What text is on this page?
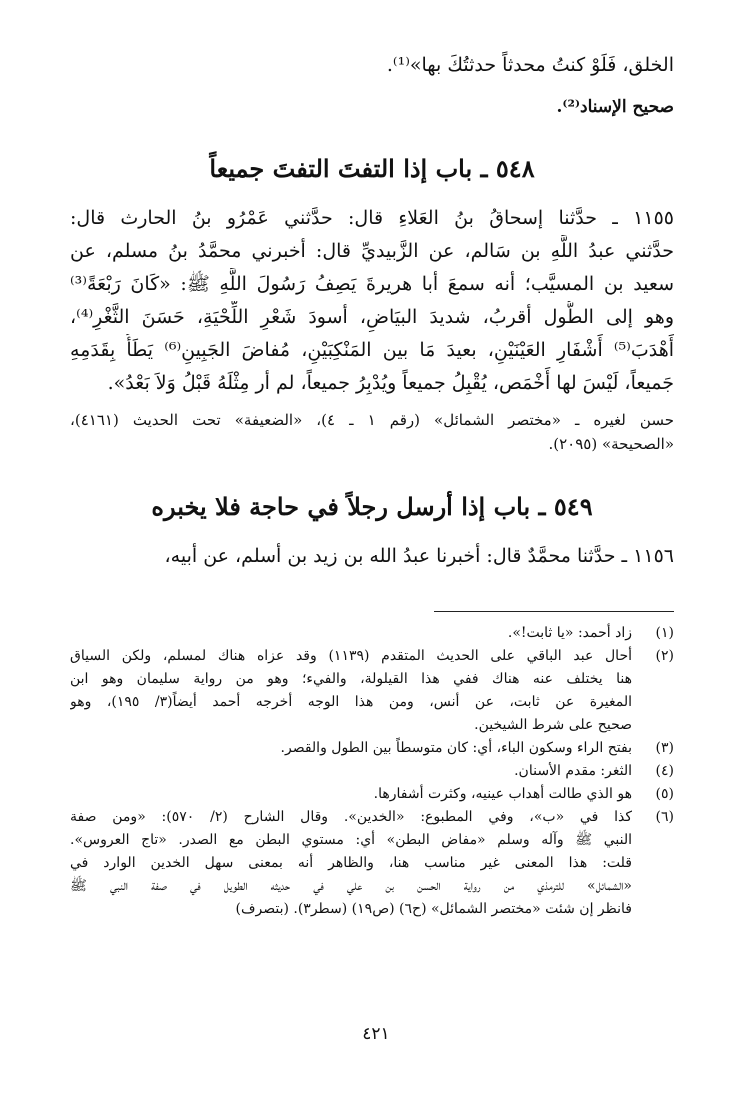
الخلق، فَلَوْ كنتُ محدثاً حدثتُكَ بها»⁽¹⁾.
صحيح الإسناد⁽²⁾.
٥٤٨ ـ باب إذا التفتَ التفتَ جميعاً
١١٥٥ ـ حدَّثنا إسحاقُ بنُ العَلاءِ قال: حدَّثني عَمْرُو بنُ الحارث قال:
حدَّثني عبدُ اللَّهِ بن سَالم، عن الزَّبيديِّ قال: أخبرني محمَّدُ بنُ مسلم، عن
سعيد بن المسيَّب؛ أنه سمعَ أبا هريرةَ يَصِفُ رَسُولَ اللَّهِ ﷺ: «كَانَ رَبْعَةً⁽³⁾
وهو إلى الطُّول أقربُ، شديدَ البيَاضِ، أسودَ شَعْرِ اللِّحْيَةِ، حَسَنَ الثَّغْرِ⁽⁴⁾،
أَهْدَبَ⁽⁵⁾ أَشْفَارِ العَيْنَيْنِ، بعيدَ مَا بين المَنْكِبَيْنِ، مُفاضَ الجَبِينِ⁽⁶⁾ يَطَأُ بِقَدَمِهِ
جَميعاً، لَيْسَ لها أَخْمَص، يُقْبِلُ جميعاً ويُدْبِرُ جميعاً، لم أر مِثْلَهُ قَبْلُ وَلاَ بَعْدُ».
حسن لغيره ـ «مختصر الشمائل» (رقم ١ ـ ٤)، «الضعيفة» تحت الحديث (٤١٦١)،
«الصحيحة» (٢٠٩٥).
٥٤٩ ـ باب إذا أرسل رجلاً في حاجة فلا يخبره
١١٥٦ ـ حدَّثنا محمَّدٌ قال: أخبرنا عبدُ الله بن زيد بن أسلم، عن أبيه،
(١)
زاد أحمد: «يا ثابت!».
(٢)
أحال عبد الباقي على الحديث المتقدم (١١٣٩) وقد عزاه هناك لمسلم، ولكن السياق
هنا يختلف عنه هناك ففي هذا القيلولة، والفيء؛ وهو من رواية سليمان وهو ابن
المغيرة عن ثابت، عن أنس، ومن هذا الوجه أخرجه أحمد أيضاً(٣/ ١٩٥)، وهو
صحيح على شرط الشيخين.
(٣)
بفتح الراء وسكون الباء، أي: كان متوسطاً بين الطول والقصر.
(٤)
الثغر: مقدم الأسنان.
(٥)
هو الذي طالت أهداب عينيه، وكثرت أشفارها.
(٦)
كذا في «ب»، وفي المطبوع: «الخدين». وقال الشارح (٢/ ٥٧٠): «ومن صفة
النبي ﷺ وآله وسلم «مفاض البطن» أي: مستوي البطن مع الصدر. «تاج العروس».
قلت: هذا المعنى غير مناسب هنا، والظاهر أنه بمعنى سهل الخدين الوارد في
«الشمائل» للترمذي من رواية الحسن بن علي في حديثه الطويل في صفة النبي ﷺ
فانظر إن شئت «مختصر الشمائل» (ح٦) (ص١٩) (سطر٣). (بتصرف)
٤٢١
